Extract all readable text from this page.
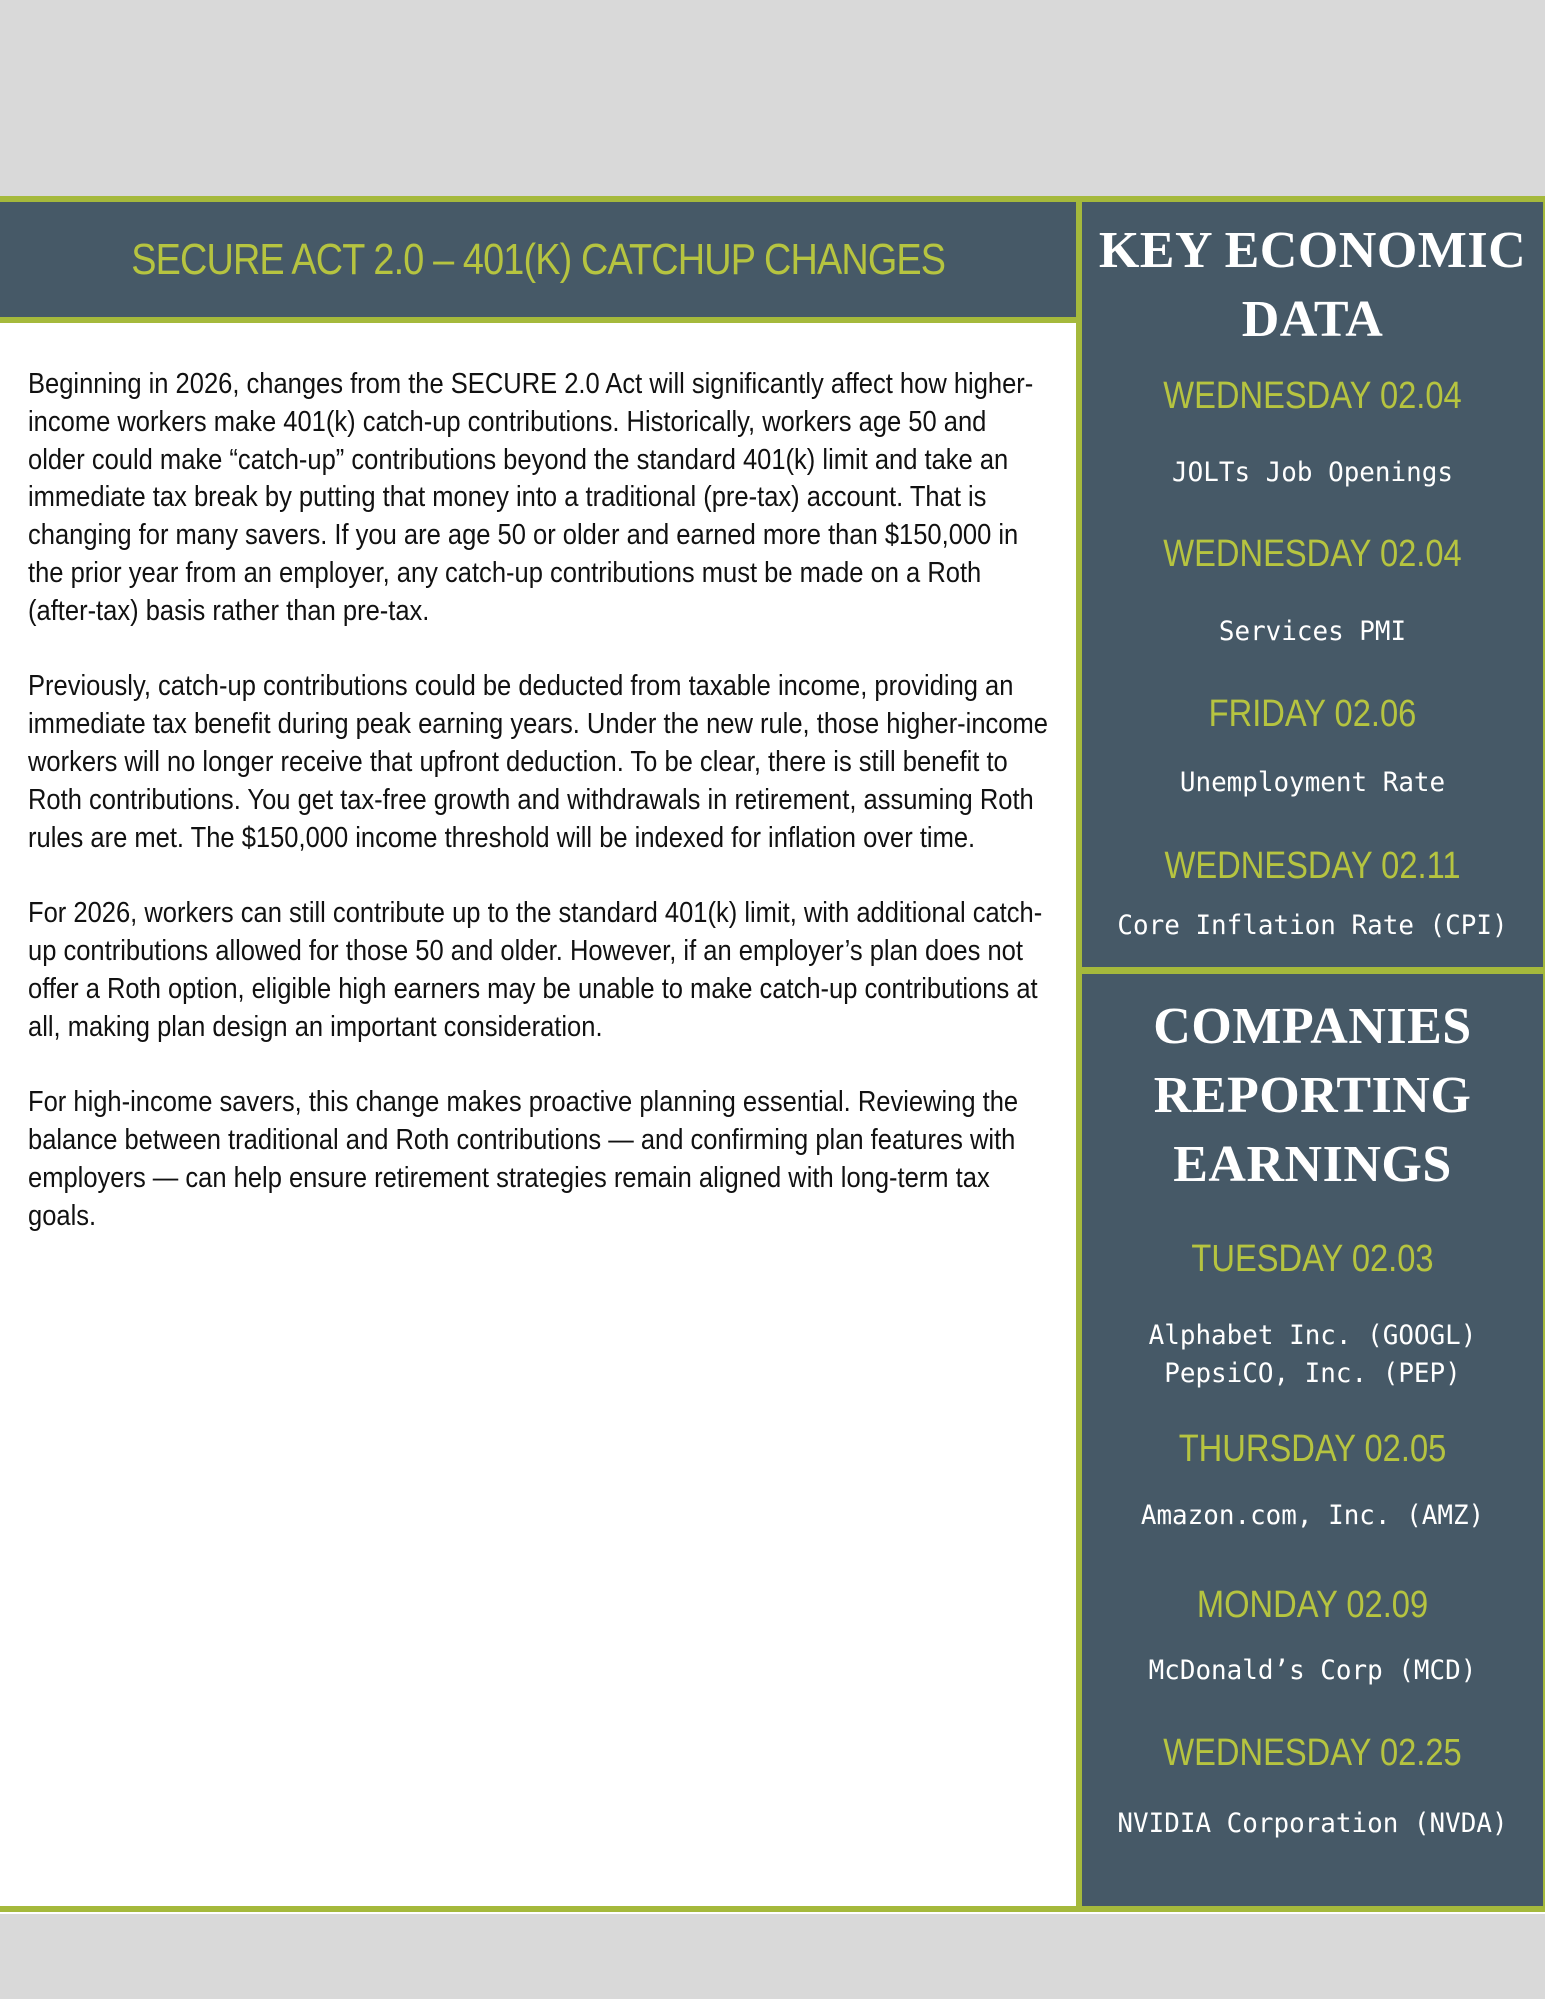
SECURE ACT 2.0 – 401(K) CATCHUP CHANGES

Beginning in 2026, changes from the SECURE 2.0 Act will significantly affect how higher-income workers make 401(k) catch-up contributions. Historically, workers age 50 and older could make “catch-up” contributions beyond the standard 401(k) limit and take an immediate tax break by putting that money into a traditional (pre-tax) account. That is changing for many savers. If you are age 50 or older and earned more than $150,000 in the prior year from an employer, any catch-up contributions must be made on a Roth (after-tax) basis rather than pre-tax.

Previously, catch-up contributions could be deducted from taxable income, providing an immediate tax benefit during peak earning years. Under the new rule, those higher-income workers will no longer receive that upfront deduction. To be clear, there is still benefit to Roth contributions. You get tax-free growth and withdrawals in retirement, assuming Roth rules are met. The $150,000 income threshold will be indexed for inflation over time.

For 2026, workers can still contribute up to the standard 401(k) limit, with additional catch-up contributions allowed for those 50 and older. However, if an employer’s plan does not offer a Roth option, eligible high earners may be unable to make catch-up contributions at all, making plan design an important consideration.

For high-income savers, this change makes proactive planning essential. Reviewing the balance between traditional and Roth contributions — and confirming plan features with employers — can help ensure retirement strategies remain aligned with long-term tax goals.

KEY ECONOMIC
DATA
WEDNESDAY 02.04
JOLTs Job Openings
WEDNESDAY 02.04
Services PMI
FRIDAY 02.06
Unemployment Rate
WEDNESDAY 02.11
Core Inflation Rate (CPI)
COMPANIES
REPORTING
EARNINGS
TUESDAY 02.03
Alphabet Inc. (GOOGL)
PepsiCO, Inc. (PEP)
THURSDAY 02.05
Amazon.com, Inc. (AMZ)
MONDAY 02.09
McDonald’s Corp (MCD)
WEDNESDAY 02.25
NVIDIA Corporation (NVDA)
